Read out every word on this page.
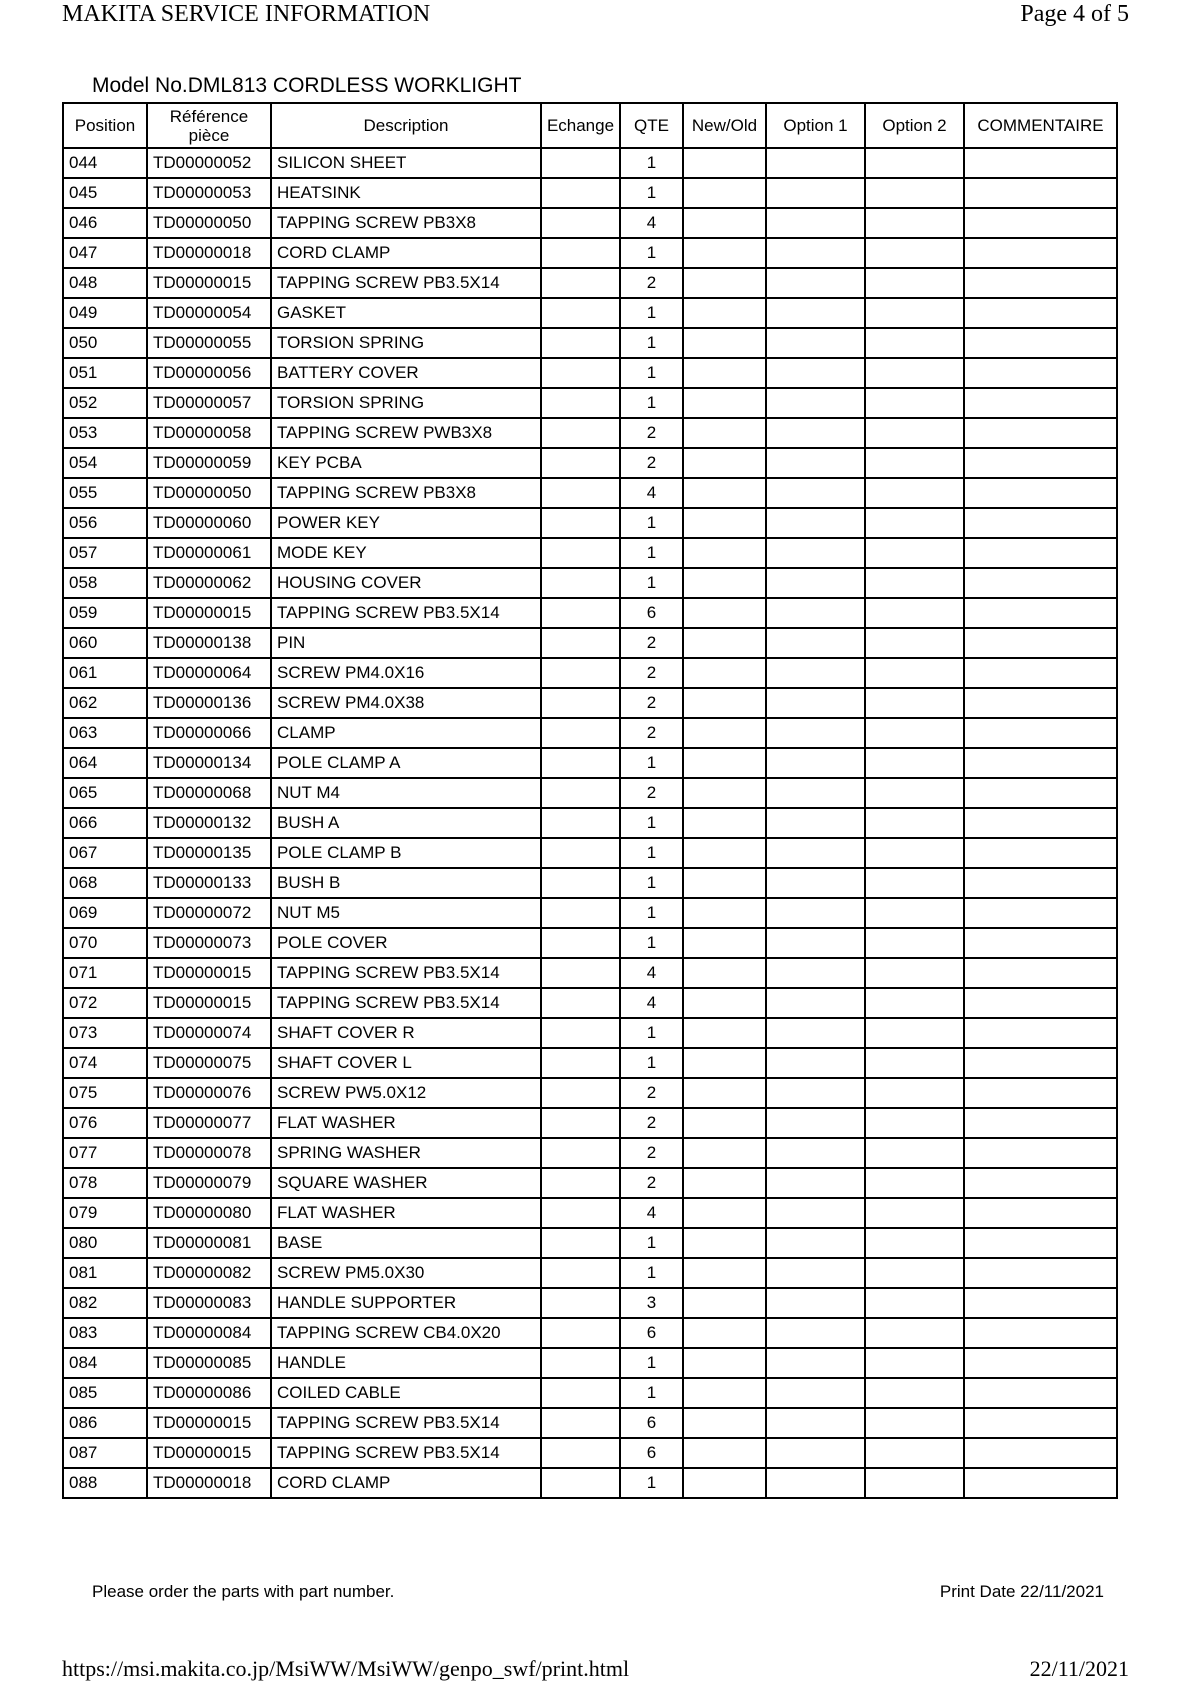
MAKITA SERVICE INFORMATION	Page 4 of 5
Model No.DML813 CORDLESS WORKLIGHT
Position	Référence pièce	Description	Echange	QTE	New/Old	Option 1	Option 2	COMMENTAIRE
044	TD00000052	SILICON SHEET		1				
045	TD00000053	HEATSINK		1				
046	TD00000050	TAPPING SCREW PB3X8		4				
047	TD00000018	CORD CLAMP		1				
048	TD00000015	TAPPING SCREW PB3.5X14		2				
049	TD00000054	GASKET		1				
050	TD00000055	TORSION SPRING		1				
051	TD00000056	BATTERY COVER		1				
052	TD00000057	TORSION SPRING		1				
053	TD00000058	TAPPING SCREW PWB3X8		2				
054	TD00000059	KEY PCBA		2				
055	TD00000050	TAPPING SCREW PB3X8		4				
056	TD00000060	POWER KEY		1				
057	TD00000061	MODE KEY		1				
058	TD00000062	HOUSING COVER		1				
059	TD00000015	TAPPING SCREW PB3.5X14		6				
060	TD00000138	PIN		2				
061	TD00000064	SCREW PM4.0X16		2				
062	TD00000136	SCREW PM4.0X38		2				
063	TD00000066	CLAMP		2				
064	TD00000134	POLE CLAMP A		1				
065	TD00000068	NUT M4		2				
066	TD00000132	BUSH A		1				
067	TD00000135	POLE CLAMP B		1				
068	TD00000133	BUSH B		1				
069	TD00000072	NUT M5		1				
070	TD00000073	POLE COVER		1				
071	TD00000015	TAPPING SCREW PB3.5X14		4				
072	TD00000015	TAPPING SCREW PB3.5X14		4				
073	TD00000074	SHAFT COVER R		1				
074	TD00000075	SHAFT COVER L		1				
075	TD00000076	SCREW PW5.0X12		2				
076	TD00000077	FLAT WASHER		2				
077	TD00000078	SPRING WASHER		2				
078	TD00000079	SQUARE WASHER		2				
079	TD00000080	FLAT WASHER		4				
080	TD00000081	BASE		1				
081	TD00000082	SCREW PM5.0X30		1				
082	TD00000083	HANDLE SUPPORTER		3				
083	TD00000084	TAPPING SCREW CB4.0X20		6				
084	TD00000085	HANDLE		1				
085	TD00000086	COILED CABLE		1				
086	TD00000015	TAPPING SCREW PB3.5X14		6				
087	TD00000015	TAPPING SCREW PB3.5X14		6				
088	TD00000018	CORD CLAMP		1				
Please order the parts with part number.	Print Date 22/11/2021
https://msi.makita.co.jp/MsiWW/MsiWW/genpo_swf/print.html	22/11/2021
